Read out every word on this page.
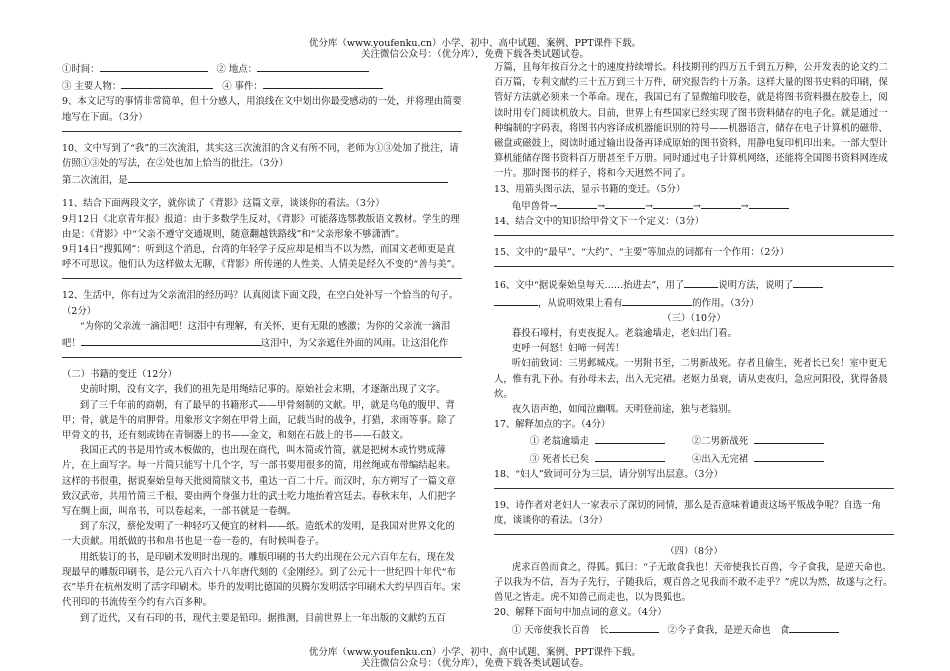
优分库（www.youfenku.cn）小学、初中、高中试题、案例、PPT课件下载。
关注微信公众号：（优分库），免费下载各类试题试卷。

①时间：	② 地点：

③ 主要人物：	④ 事件：

9、本文记写的事情非常简单，但十分感人，用浪线在文中划出你最受感动的一处，并将理由简要地写在下面。（3分）

10、文中写到了“我”的三次流泪，其实这三次流泪的含义有所不同，老师为①③处加了批注，请仿照①③处的写法，在②处也加上恰当的批注。（3分）

第二次流泪，是

11、结合下面两段文字，就你读了《背影》这篇文章，谈谈你的看法。（3分）

9月12日《北京青年报》报道：由于多数学生反对，《背影》可能落选鄂教版语文教材。学生的理由是：《背影》中“父亲不遵守交通规则，随意翻越铁路线”和“父亲形象不够潇洒”。

9月14日“搜狐网”：听到这个消息，台湾的年轻学子反应却是相当不以为然，而国文老师更是直呼不可思议。他们认为这样做太无聊，《背影》所传递的人性美、人情美是经久不变的“善与美”。

12、生活中，你有过为父亲流泪的经历吗？认真阅读下面文段，在空白处补写一个恰当的句子。（2分）

“为你的父亲流一滴泪吧！这泪中有理解，有关怀，更有无限的感激；为你的父亲流一滴泪吧！	这泪中，为父亲遮住外面的风雨。让这泪化作

（二）书籍的变迁（12分）

史前时期，没有文字，我们的祖先是用绳结记事的。原始社会末期，才逐渐出现了文字。

到了三千年前的商朝，有了最早的书籍形式——甲骨刻制的文献。甲，就是乌龟的腹甲、背甲；骨，就是牛的肩胛骨。用象形文字刻在甲骨上面，记载当时的战争，打猎，求雨等事。除了甲骨文的书，还有刻或铸在青铜器上的书——金文，和刻在石鼓上的书——石鼓文。

我国正式的书是用竹或木板做的，也出现在商代，叫木简或竹简，就是把树木或竹劈成薄片，在上面写字。每一片简只能写十几个字，写一部书要用很多的简，用丝绳或布带编结起来。这样的书很重，据说秦始皇每天批阅简牍文书，重达一百二十斤。而汉时，东方朔写了一篇文章致汉武帝，共用竹简三千根，要由两个身强力壮的武士吃力地抬着宫廷去。春秋末年，人们把字写在绸上面，叫帛书，可以卷起来，一部书就是一卷绸。

到了东汉，蔡伦发明了一种轻巧又便宜的材料——纸。造纸术的发明，是我国对世界文化的一大贡献。用纸做的书和帛书也是一卷一卷的，有时候叫卷子。

用纸装订的书，是印刷术发明时出现的。雕版印刷的书大约出现在公元六百年左右，现在发现最早的雕版印刷书，是公元八百六十八年唐代刻的《金刚经》。到了公元十一世纪四十年代“布衣”毕升在杭州发明了活字印刷术。毕升的发明比德国的贝腾尔发明活字印刷术大约早四百年。宋代刊印的书流传至今约有六百多种。

到了近代，又有石印的书，现代主要是铅印。据推测，目前世界上一年出版的文献约五百

万篇，且每年按百分之十的速度持续增长。科技期刊约四万五千到五万种，公开发表的论文约二百万篇，专利文献约三十五万到三十万件，研究报告约十万条。这样大量的图书史料的印刷，保管好方法就必须来一个革命。现在，我国已有了显微缩印胶卷，就是将图书资料摄在胶卷上，阅读时用专门阅读机放大。目前，世界上有些国家已经实现了图书资料储存的电子化。就是通过一种编制的字码表，将图书内容译成机器能识别的符号——机器语言，储存在电子计算机的磁带、磁盘或磁鼓上，阅读时通过输出设备再译成原始的图书资料，用静电复印机印出来。一部大型计算机能储存图书资料百万册甚至千万册。同时通过电子计算机网络，还能将全国图书资料网连成一片。那时图书的样子，将和今天迥然不同了。

13、用箭头图示法，显示书籍的变迁。（5分）

龟甲兽骨→	→	→	→	→

14、结合文中的知识给甲骨文下一个定义：（3分）

15、文中的“最早”、“大约”、“主要”等加点的词都有一个作用：（2分）

16、文中“据说秦始皇每天……抬进去”，用了	说明方法，说明了
，从说明效果上看有	的作用。（3分）

（三）（10分）

暮投石壕村，有吏夜捉人。老翁逾墙走，老妇出门看。

吏呼一何怒！妇啼一何苦！

听妇前致词：三男邺城戍。一男附书至，二男新战死。存者且偷生，死者长已矣！室中更无人，惟有乳下孙。有孙母未去，出入无完裙。老妪力虽衰，请从吏夜归，急应河阳役，犹得备晨炊。

夜久语声绝，如闻泣幽咽。天明登前途，独与老翁别。

17、解释加点的字。（4分）

① 老翁逾墙走	②二男新战死

③ 死者长已矣	④出入无完裙

18、“妇人”致词可分为三层，请分别写出层意。（3分）

19、诗作者对老妇人一家表示了深切的同情，那么是否意味着谴责这场平叛战争呢？自选一角度，谈谈你的看法。（3分）

（四）（8分）

虎求百兽而食之，得狐。狐曰：“子无敢食我也！天帝使我长百兽，今子食我，是逆天命也。子以我为不信，吾为子先行，子随我后，观百兽之见我而不敢不走乎？”虎以为然，故遂与之行。兽见之皆走。虎不知兽己而走也，以为畏狐也。

20、解释下面句中加点词的意义。（4分）

① 天帝使我长百兽　长	②今子食我，是逆天命也　食

优分库（www.youfenku.cn）小学、初中、高中试题、案例、PPT课件下载。
关注微信公众号：（优分库），免费下载各类试题试卷。
